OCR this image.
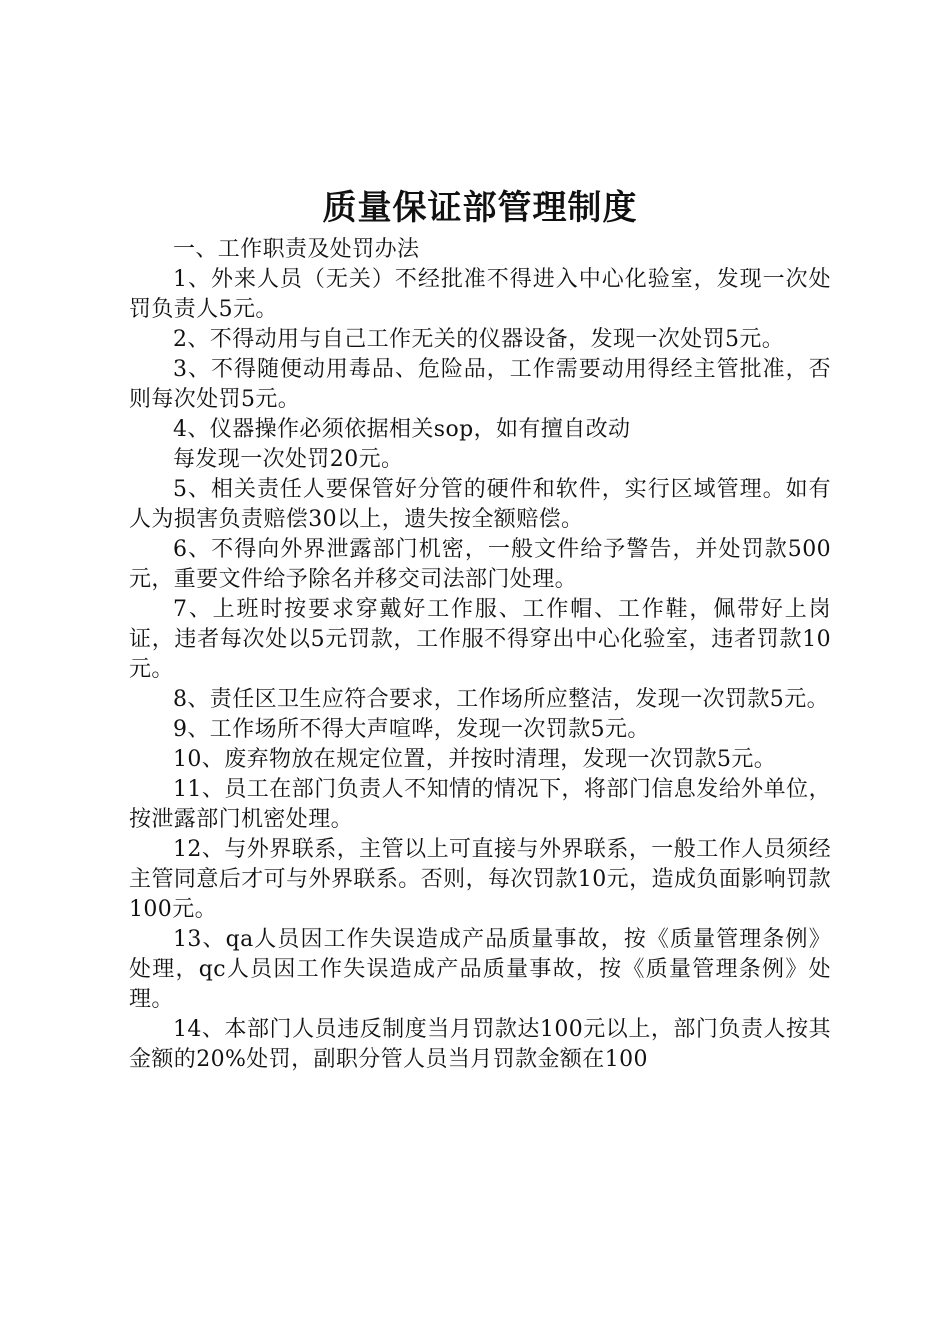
质量保证部管理制度

一、工作职责及处罚办法

1、外来人员（无关）不经批准不得进入中心化验室，发现一次处罚负责人5元。

2、不得动用与自己工作无关的仪器设备，发现一次处罚5元。

3、不得随便动用毒品、危险品，工作需要动用得经主管批准，否则每次处罚5元。

4、仪器操作必须依据相关sop，如有擅自改动

每发现一次处罚20元。

5、相关责任人要保管好分管的硬件和软件，实行区域管理。如有人为损害负责赔偿30以上，遗失按全额赔偿。

6、不得向外界泄露部门机密，一般文件给予警告，并处罚款500元，重要文件给予除名并移交司法部门处理。

7、上班时按要求穿戴好工作服、工作帽、工作鞋，佩带好上岗证，违者每次处以5元罚款，工作服不得穿出中心化验室，违者罚款10元。

8、责任区卫生应符合要求，工作场所应整洁，发现一次罚款5元。

9、工作场所不得大声喧哗，发现一次罚款5元。

10、废弃物放在规定位置，并按时清理，发现一次罚款5元。

11、员工在部门负责人不知情的情况下，将部门信息发给外单位，按泄露部门机密处理。

12、与外界联系，主管以上可直接与外界联系，一般工作人员须经主管同意后才可与外界联系。否则，每次罚款10元，造成负面影响罚款100元。

13、qa人员因工作失误造成产品质量事故，按《质量管理条例》处理，qc人员因工作失误造成产品质量事故，按《质量管理条例》处理。

14、本部门人员违反制度当月罚款达100元以上，部门负责人按其金额的20%处罚，副职分管人员当月罚款金额在100
